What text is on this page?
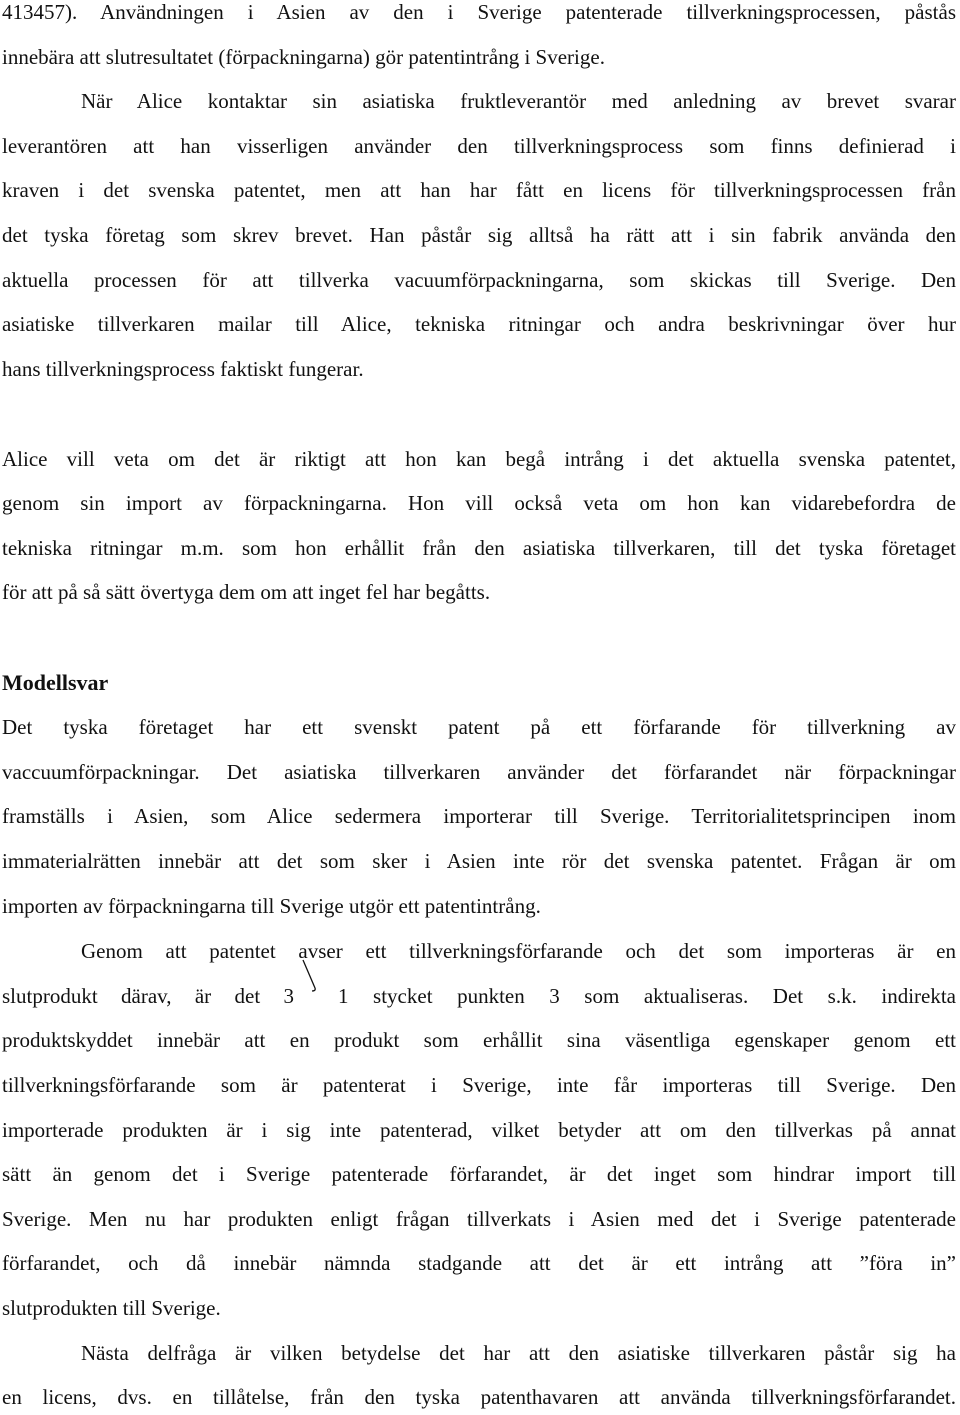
413457). Användningen i Asien av den i Sverige patenterade tillverkningsprocessen, påstås
innebära att slutresultatet (förpackningarna) gör patentintrång i Sverige.
När Alice kontaktar sin asiatiska fruktleverantör med anledning av brevet svarar
leverantören att han visserligen använder den tillverkningsprocess som finns definierad i
kraven i det svenska patentet, men att han har fått en licens för tillverkningsprocessen från
det tyska företag som skrev brevet. Han påstår sig alltså ha rätt att i sin fabrik använda den
aktuella processen för att tillverka vacuumförpackningarna, som skickas till Sverige. Den
asiatiske tillverkaren mailar till Alice, tekniska ritningar och andra beskrivningar över hur
hans tillverkningsprocess faktiskt fungerar.
Alice vill veta om det är riktigt att hon kan begå intrång i det aktuella svenska patentet,
genom sin import av förpackningarna. Hon vill också veta om hon kan vidarebefordra de
tekniska ritningar m.m. som hon erhållit från den asiatiska tillverkaren, till det tyska företaget
för att på så sätt övertyga dem om att inget fel har begåtts.
Modellsvar
Det tyska företaget har ett svenskt patent på ett förfarande för tillverkning av
vaccuumförpackningar. Det asiatiska tillverkaren använder det förfarandet när förpackningar
framställs i Asien, som Alice sedermera importerar till Sverige. Territorialitetsprincipen inom
immaterialrätten innebär att det som sker i Asien inte rör det svenska patentet. Frågan är om
importen av förpackningarna till Sverige utgör ett patentintrång.
Genom att patentet avser ett tillverkningsförfarande och det som importeras är en
slutprodukt därav, är det 3 1 stycket punkten 3 som aktualiseras. Det s.k. indirekta
produktskyddet innebär att en produkt som erhållit sina väsentliga egenskaper genom ett
tillverkningsförfarande som är patenterat i Sverige, inte får importeras till Sverige. Den
importerade produkten är i sig inte patenterad, vilket betyder att om den tillverkas på annat
sätt än genom det i Sverige patenterade förfarandet, är det inget som hindrar import till
Sverige. Men nu har produkten enligt frågan tillverkats i Asien med det i Sverige patenterade
förfarandet, och då innebär nämnda stadgande att det är ett intrång att ”föra in”
slutprodukten till Sverige.
Nästa delfråga är vilken betydelse det har att den asiatiske tillverkaren påstår sig ha
en licens, dvs. en tillåtelse, från den tyska patenthavaren att använda tillverkningsförfarandet.
